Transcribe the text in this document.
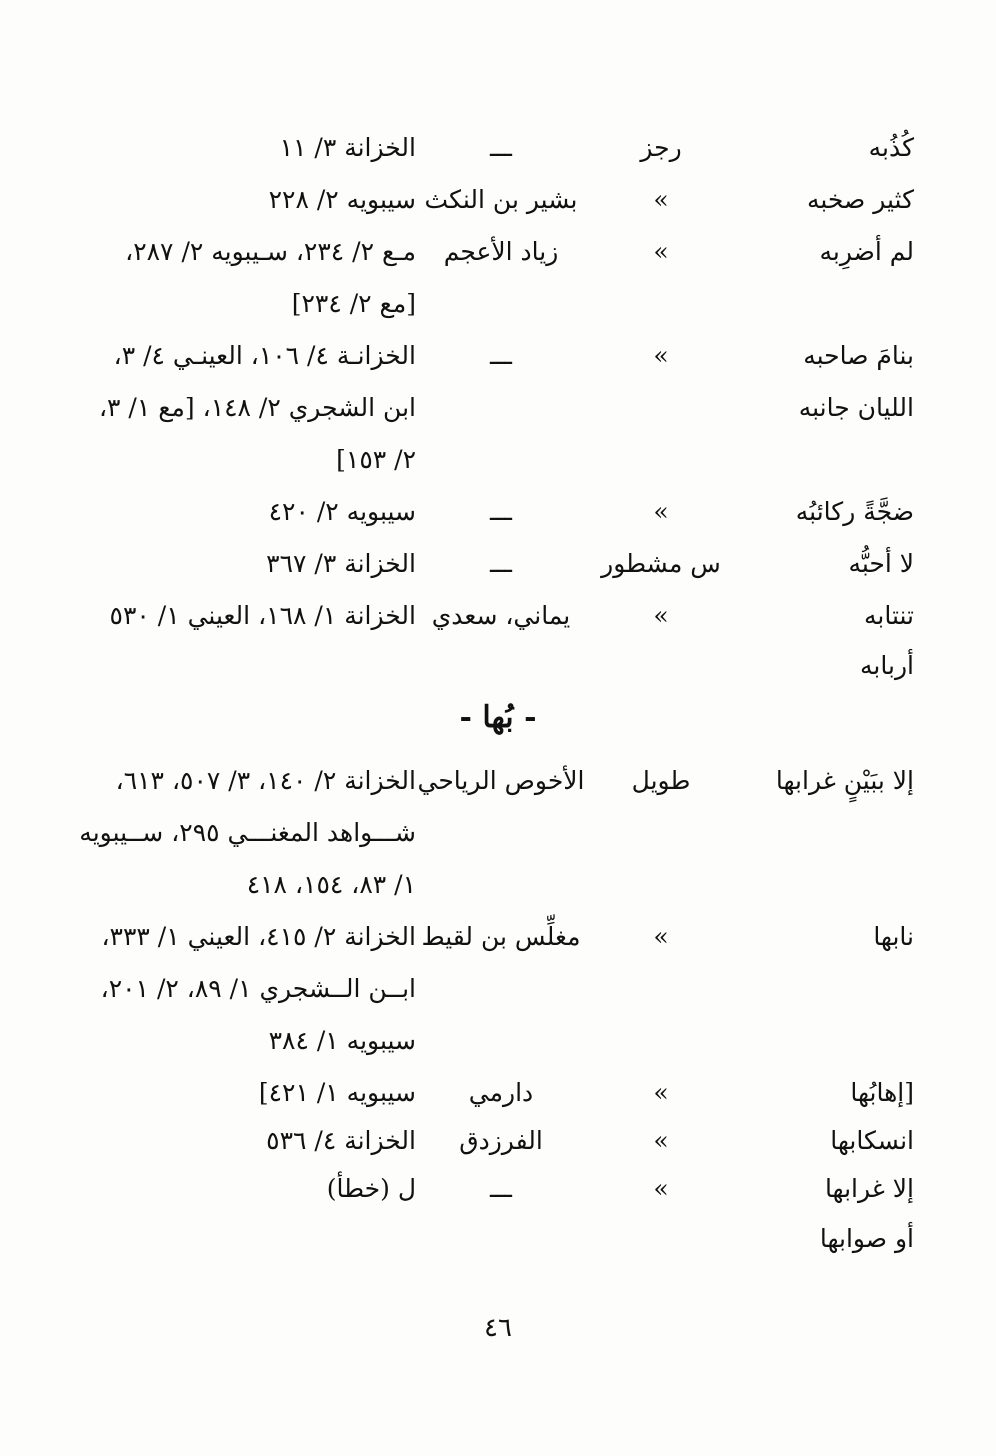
كُذُبه
رجز
ـــ
الخزانة ٣/ ١١
كثير صخبه
»
بشير بن النكث
سيبويه ٢/ ٢٢٨
لم أضرِبه
»
زياد الأعجم
مـع ٢/ ٢٣٤، سـيبويه ٢/ ٢٨٧،
[مع ٢/ ٢٣٤]
بنامَ صاحبه
»
ـــ
الخزانـة ٤/ ١٠٦، العينـي ٤/ ٣،
الليان جانبه
ابن الشجري ٢/ ١٤٨، [مع ١/ ٣،
٢/ ١٥٣]
ضجَّةً ركائبُه
»
ـــ
سيبويه ٢/ ٤٢٠
لا أحبُّه
س مشطور
ـــ
الخزانة ٣/ ٣٦٧
تنتابه
»
يماني، سعدي
الخزانة ١/ ١٦٨، العيني ١/ ٥٣٠
أربابه
- بُها -
إلا ببَيْنٍ غرابها
طويل
الأخوص الرياحي
الخزانة ٢/ ١٤٠، ٣/ ٥٠٧، ٦١٣،
شـــواهد المغنـــي ٢٩٥، ســيبويه
١/ ٨٣، ١٥٤، ٤١٨
نابها
»
مغلِّس بن لقيط
الخزانة ٢/ ٤١٥، العيني ١/ ٣٣٣،
ابــن الــشجري ١/ ٨٩، ٢/ ٢٠١،
سيبويه ١/ ٣٨٤
[إهابُها
»
دارمي
سيبويه ١/ ٤٢١]
انسكابها
»
الفرزدق
الخزانة ٤/ ٥٣٦
إلا غرابها
»
ـــ
ل (خطأ)
أو صوابها
٤٦
